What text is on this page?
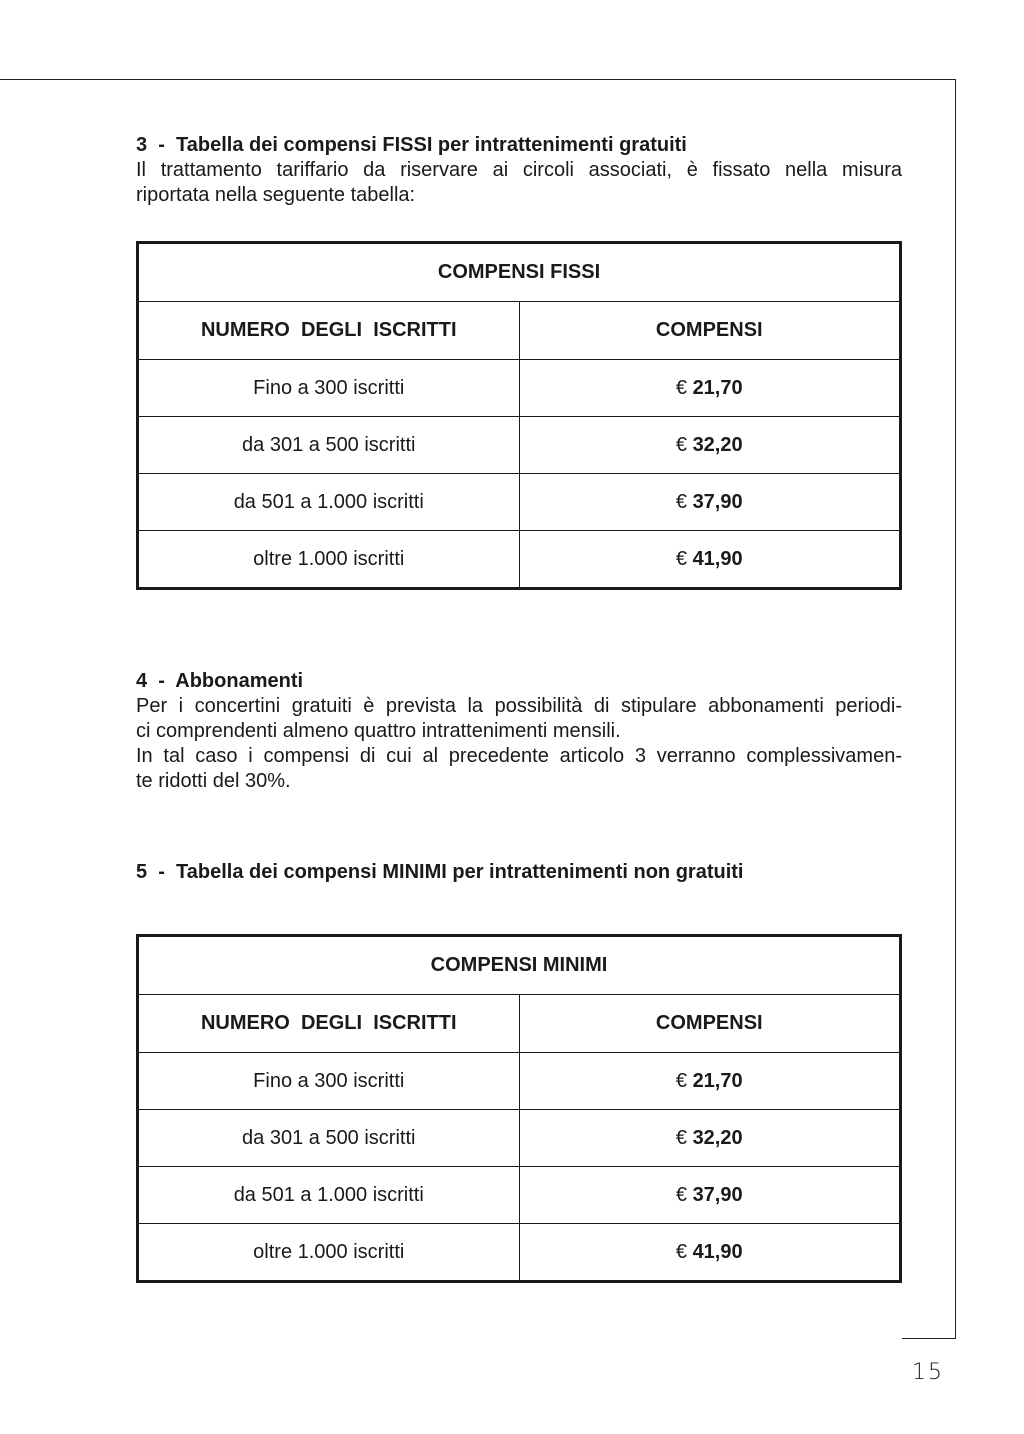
3  -  Tabella dei compensi FISSI per intrattenimenti gratuiti
Il trattamento tariffario da riservare ai circoli associati, è fissato nella misura
riportata nella seguente tabella:
COMPENSI FISSI	
NUMERO  DEGLI  ISCRITTI	COMPENSI
Fino a 300 iscritti	€ 21,70
da 301 a 500 iscritti	€ 32,20
da 501 a 1.000 iscritti	€ 37,90
oltre 1.000 iscritti	€ 41,90
4  -  Abbonamenti
Per i concertini gratuiti è prevista la possibilità di stipulare abbonamenti periodi-
ci comprendenti almeno quattro intrattenimenti mensili.
In tal caso i compensi di cui al precedente articolo 3 verranno complessivamen-
te ridotti del 30%.
5  -  Tabella dei compensi MINIMI per intrattenimenti non gratuiti
COMPENSI MINIMI	
NUMERO  DEGLI  ISCRITTI	COMPENSI
Fino a 300 iscritti	€ 21,70
da 301 a 500 iscritti	€ 32,20
da 501 a 1.000 iscritti	€ 37,90
oltre 1.000 iscritti	€ 41,90
15
